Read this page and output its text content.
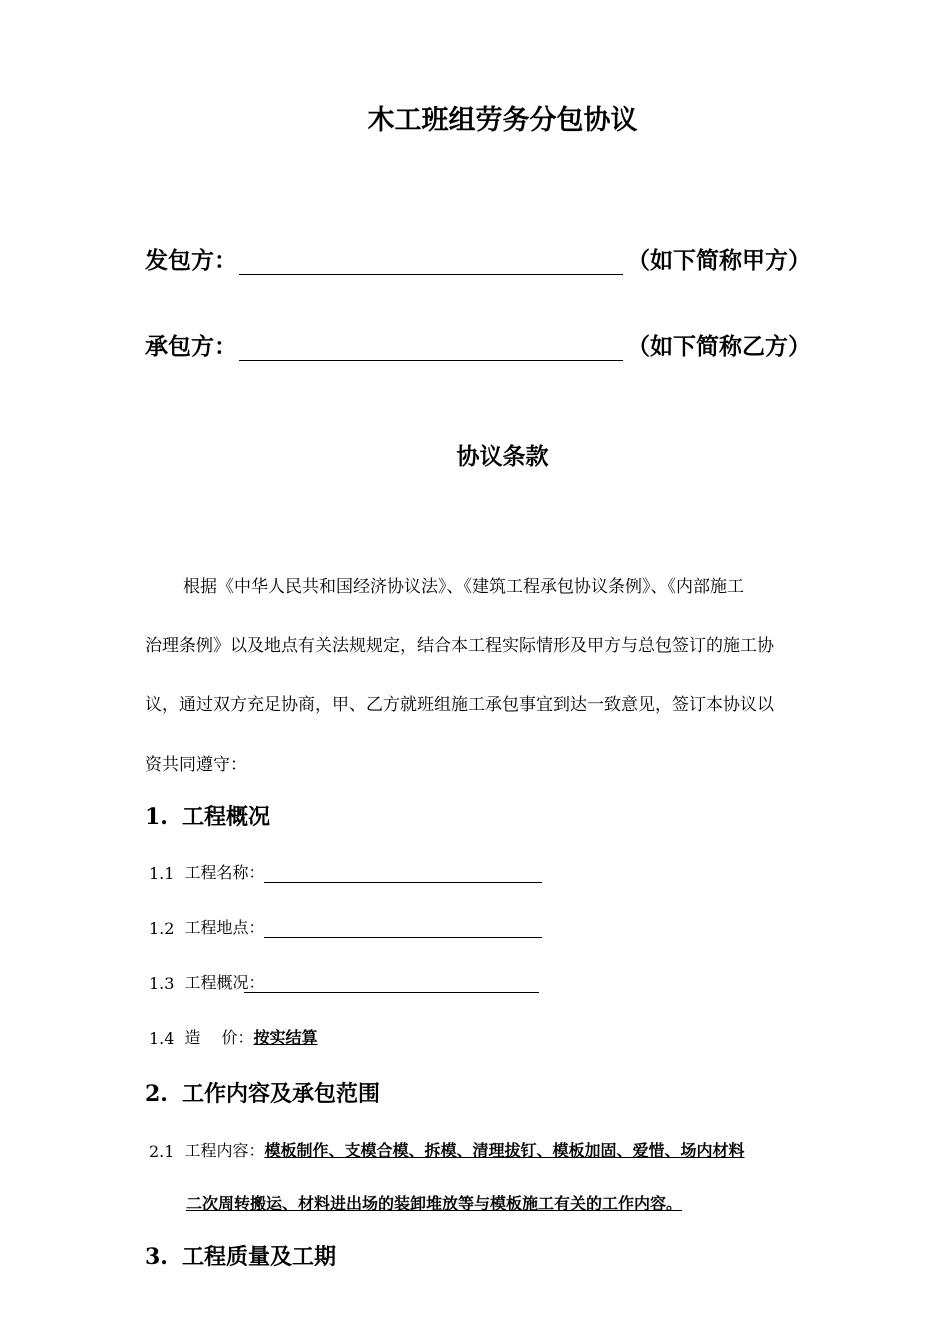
木工班组劳务分包协议
发包方：	（如下简称甲方）
承包方：	（如下简称乙方）
协议条款
根据《中华人民共和国经济协议法》、《建筑工程承包协议条例》、《内部施工
治理条例》以及地点有关法规规定，结合本工程实际情形及甲方与总包签订的施工协
议，通过双方充足协商，甲、乙方就班组施工承包事宜到达一致意见，签订本协议以
资共同遵守：
1. 工程概况
1.1 工程名称：
1.2 工程地点：
1.3 工程概况：
1.4 造　 价： 按实结算
2. 工作内容及承包范围
2.1 工程内容： 模板制作、支模合模、拆模、清理拔钉、模板加固、爱惜、场内材料
二次周转搬运、材料进出场的装卸堆放等与模板施工有关的工作内容。
3. 工程质量及工期
